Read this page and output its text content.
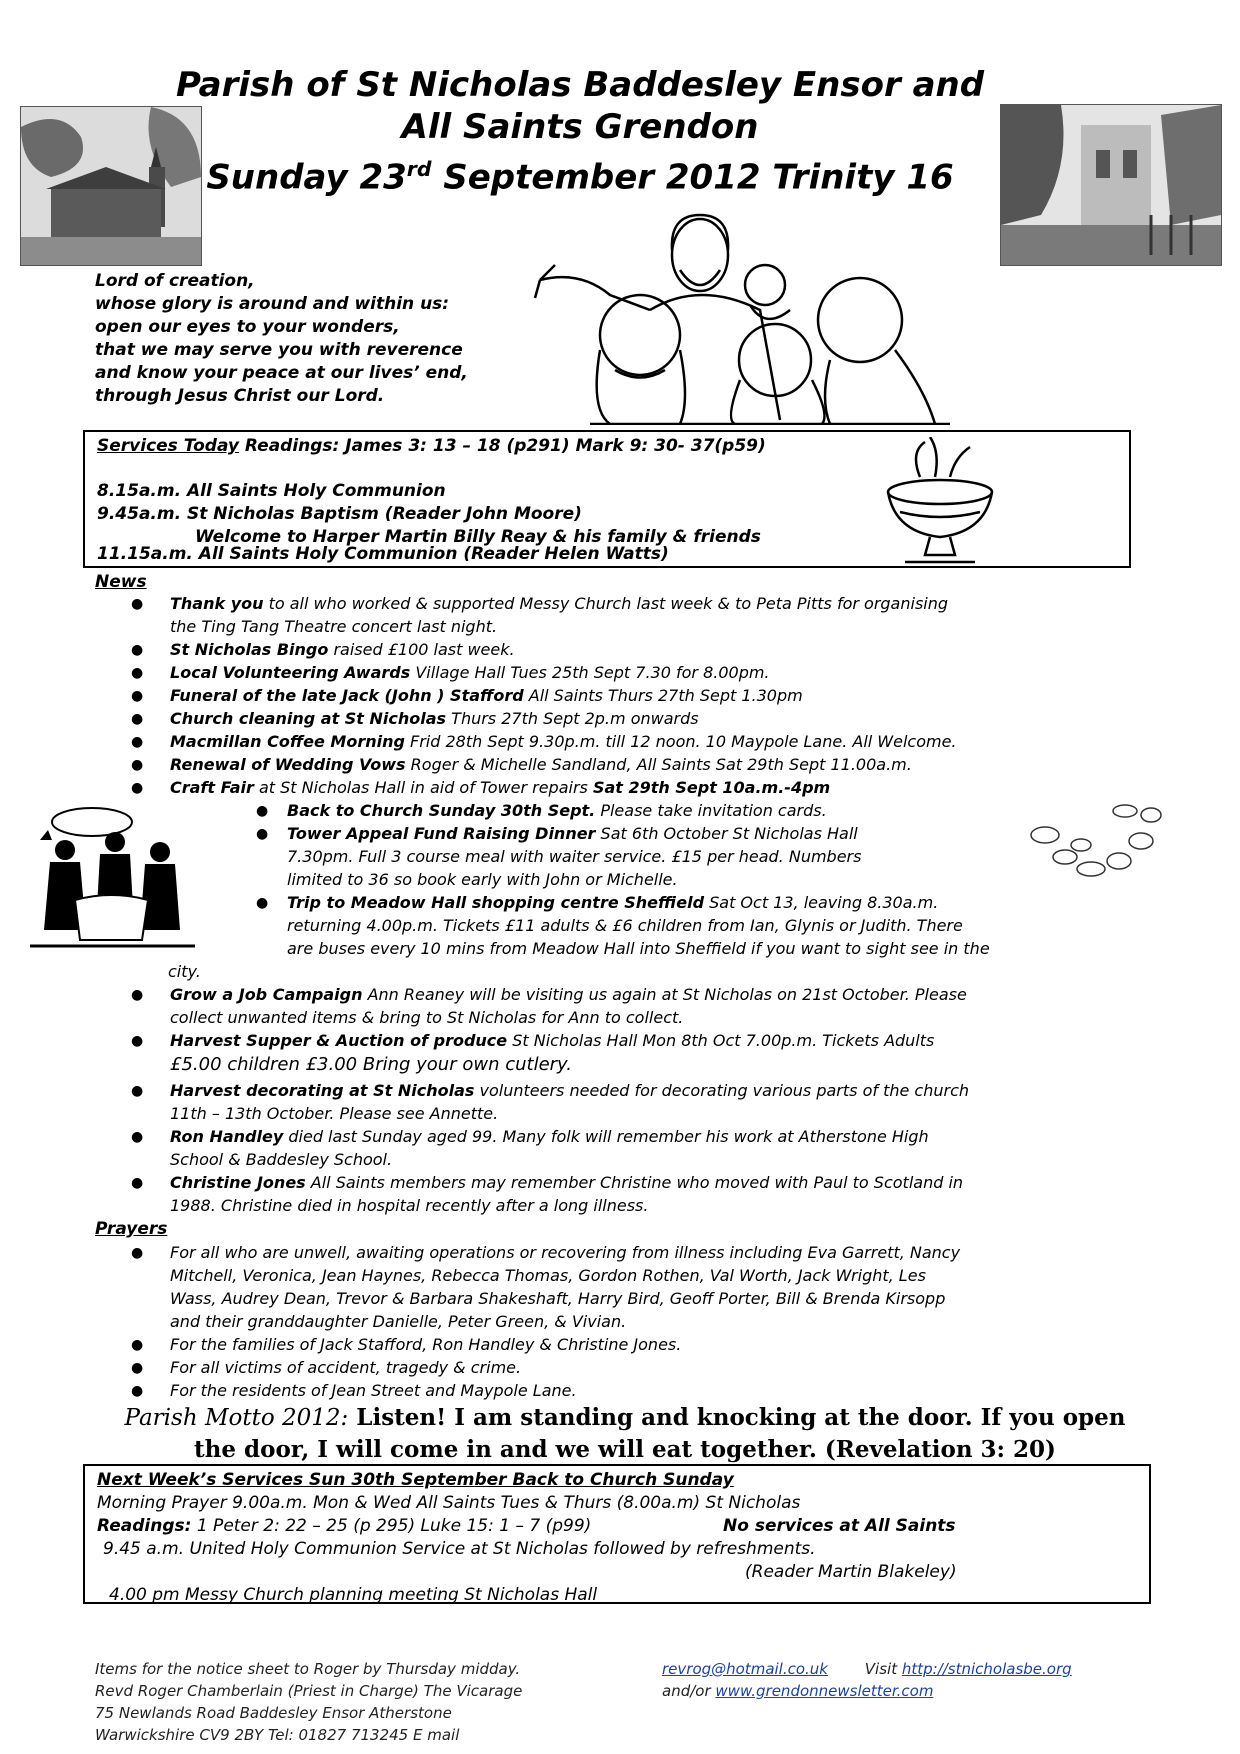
Parish of St Nicholas Baddesley Ensor and
All Saints Grendon
Sunday 23rd September 2012 Trinity 16
Lord of creation,
whose glory is around and within us:
open our eyes to your wonders,
that we may serve you with reverence
and know your peace at our lives’ end,
through Jesus Christ our Lord.
Services Today Readings: James 3: 13 – 18 (p291) Mark 9: 30- 37(p59)
8.15a.m. All Saints Holy Communion
9.45a.m. St Nicholas Baptism (Reader John Moore)
Welcome to Harper Martin Billy Reay & his family & friends
11.15a.m. All Saints Holy Communion (Reader Helen Watts)
News
● Thank you to all who worked & supported Messy Church last week & to Peta Pitts for organising
the Ting Tang Theatre concert last night.
● St Nicholas Bingo raised £100 last week.
● Local Volunteering Awards Village Hall Tues 25th Sept 7.30 for 8.00pm.
● Funeral of the late Jack (John ) Stafford All Saints Thurs 27th Sept 1.30pm
● Church cleaning at St Nicholas Thurs 27th Sept 2p.m onwards
● Macmillan Coffee Morning Frid 28th Sept 9.30p.m. till 12 noon. 10 Maypole Lane. All Welcome.
● Renewal of Wedding Vows Roger & Michelle Sandland, All Saints Sat 29th Sept 11.00a.m.
● Craft Fair at St Nicholas Hall in aid of Tower repairs Sat 29th Sept 10a.m.-4pm
● Back to Church Sunday 30th Sept. Please take invitation cards.
● Tower Appeal Fund Raising Dinner Sat 6th October St Nicholas Hall
7.30pm. Full 3 course meal with waiter service. £15 per head. Numbers
limited to 36 so book early with John or Michelle.
● Trip to Meadow Hall shopping centre Sheffield Sat Oct 13, leaving 8.30a.m.
returning 4.00p.m. Tickets £11 adults & £6 children from Ian, Glynis or Judith. There
are buses every 10 mins from Meadow Hall into Sheffield if you want to sight see in the
city.
● Grow a Job Campaign Ann Reaney will be visiting us again at St Nicholas on 21st October. Please
collect unwanted items & bring to St Nicholas for Ann to collect.
● Harvest Supper & Auction of produce St Nicholas Hall Mon 8th Oct 7.00p.m. Tickets Adults
£5.00 children £3.00 Bring your own cutlery.
● Harvest decorating at St Nicholas volunteers needed for decorating various parts of the church
11th – 13th October. Please see Annette.
● Ron Handley died last Sunday aged 99. Many folk will remember his work at Atherstone High
School & Baddesley School.
● Christine Jones All Saints members may remember Christine who moved with Paul to Scotland in
1988. Christine died in hospital recently after a long illness.
Prayers
● For all who are unwell, awaiting operations or recovering from illness including Eva Garrett, Nancy
Mitchell, Veronica, Jean Haynes, Rebecca Thomas, Gordon Rothen, Val Worth, Jack Wright, Les
Wass, Audrey Dean, Trevor & Barbara Shakeshaft, Harry Bird, Geoff Porter, Bill & Brenda Kirsopp
and their granddaughter Danielle, Peter Green, & Vivian.
● For the families of Jack Stafford, Ron Handley & Christine Jones.
● For all victims of accident, tragedy & crime.
● For the residents of Jean Street and Maypole Lane.
Parish Motto 2012: Listen! I am standing and knocking at the door. If you open
the door, I will come in and we will eat together. (Revelation 3: 20)
Next Week’s Services Sun 30th September Back to Church Sunday
Morning Prayer 9.00a.m. Mon & Wed All Saints Tues & Thurs (8.00a.m) St Nicholas
Readings: 1 Peter 2: 22 – 25 (p 295) Luke 15: 1 – 7 (p99)	No services at All Saints
9.45 a.m. United Holy Communion Service at St Nicholas followed by refreshments.
(Reader Martin Blakeley)
4.00 pm Messy Church planning meeting St Nicholas Hall
Items for the notice sheet to Roger by Thursday midday.
Revd Roger Chamberlain (Priest in Charge) The Vicarage
75 Newlands Road Baddesley Ensor Atherstone
Warwickshire CV9 2BY Tel: 01827 713245 E mail
revrog@hotmail.co.uk Visit http://stnicholasbe.org
and/or www.grendonnewsletter.com
